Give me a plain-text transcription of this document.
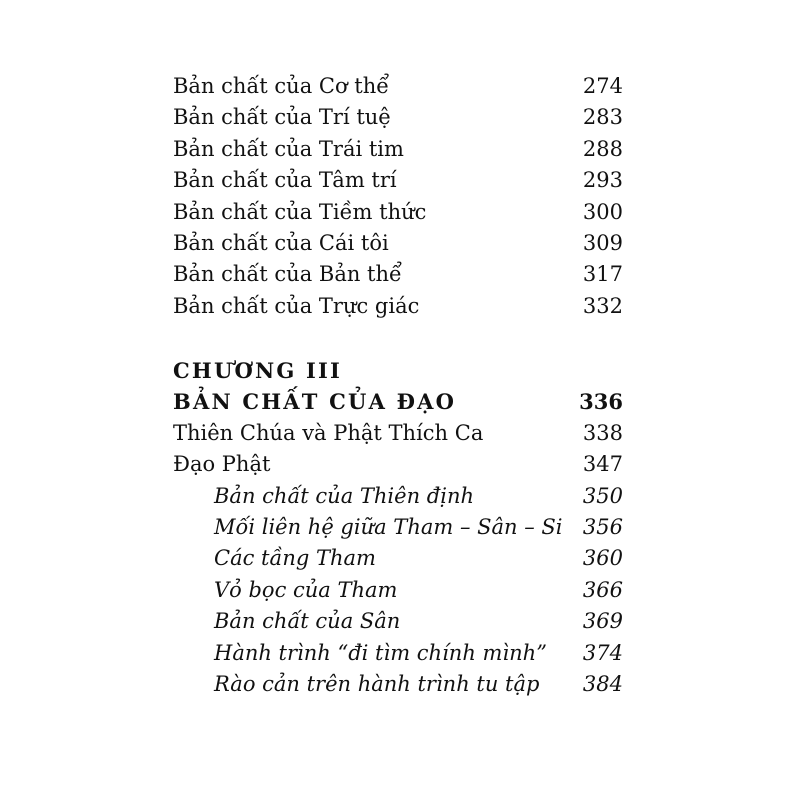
Bản chất của Cơ thể	274
Bản chất của Trí tuệ	283
Bản chất của Trái tim	288
Bản chất của Tâm trí	293
Bản chất của Tiềm thức	300
Bản chất của Cái tôi	309
Bản chất của Bản thể	317
Bản chất của Trực giác	332
CHƯƠNG III
BẢN CHẤT CỦA ĐẠO	336
Thiên Chúa và Phật Thích Ca	338
Đạo Phật	347
Bản chất của Thiên định	350
Mối liên hệ giữa Tham – Sân – Si 356
Các tầng Tham	360
Vỏ bọc của Tham	366
Bản chất của Sân	369
Hành trình “đi tìm chính mình” 374
Rào cản trên hành trình tu tập 384
